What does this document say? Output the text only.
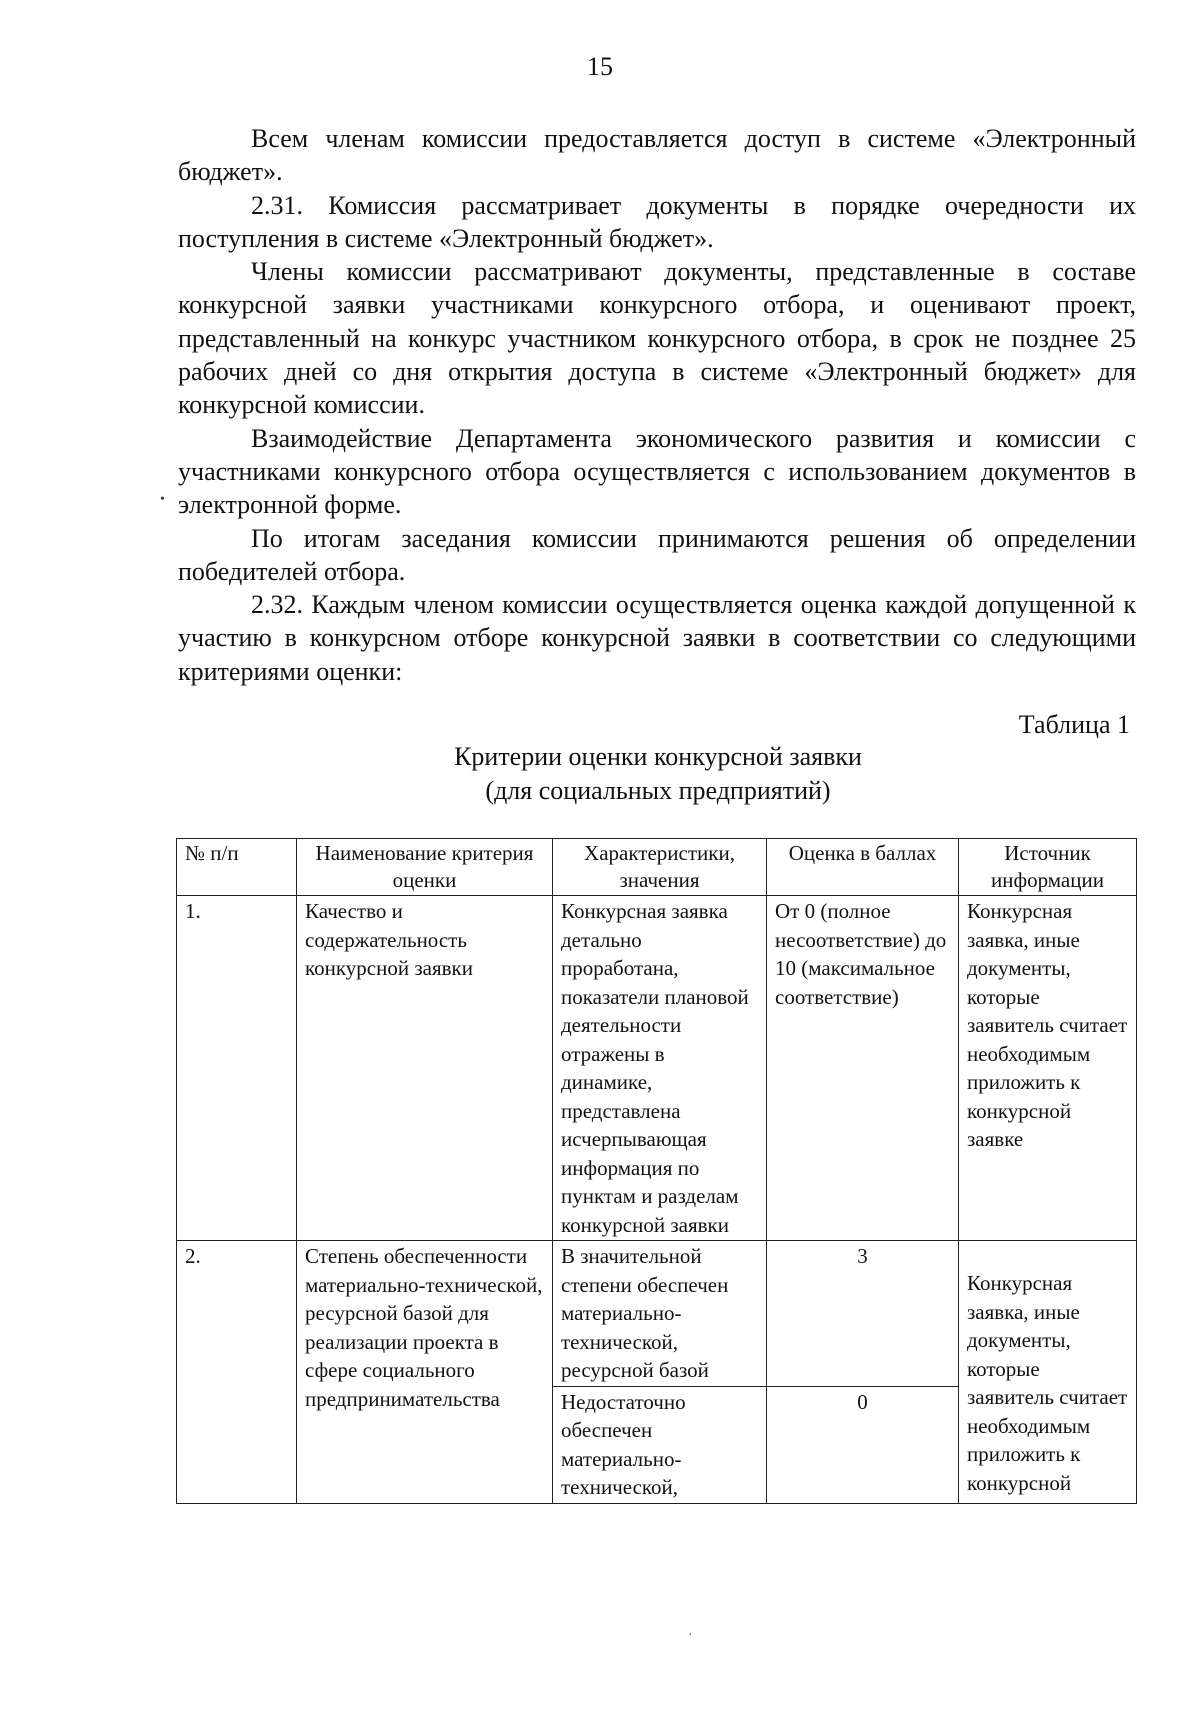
15

Всем членам комиссии предоставляется доступ в системе «Электронный бюджет».

2.31. Комиссия рассматривает документы в порядке очередности их поступления в системе «Электронный бюджет».

Члены комиссии рассматривают документы, представленные в составе конкурсной заявки участниками конкурсного отбора, и оценивают проект, представленный на конкурс участником конкурсного отбора, в срок не позднее 25 рабочих дней со дня открытия доступа в системе «Электронный бюджет» для конкурсной комиссии.

Взаимодействие Департамента экономического развития и комиссии с участниками конкурсного отбора осуществляется с использованием документов в электронной форме.

По итогам заседания комиссии принимаются решения об определении победителей отбора.

2.32. Каждым членом комиссии осуществляется оценка каждой допущенной к участию в конкурсном отборе конкурсной заявки в соответствии со следующими критериями оценки:

Таблица 1
Критерии оценки конкурсной заявки
(для социальных предприятий)
№ п/п	Наименование критерия оценки	Характеристики, значения	Оценка в баллах	Источник информации
1.	Качество и содержательность конкурсной заявки	Конкурсная заявка детально проработана, показатели плановой деятельности отражены в динамике, представлена исчерпывающая информация по пунктам и разделам конкурсной заявки	От 0 (полное несоответствие) до 10 (максимальное соответствие)	Конкурсная заявка, иные документы, которые заявитель считает необходимым приложить к конкурсной заявке
2.	Степень обеспеченности материально-технической, ресурсной базой для реализации проекта в сфере социального предпринимательства	В значительной степени обеспечен материально-технической, ресурсной базой	3	Конкурсная заявка, иные документы, которые заявитель считает необходимым приложить к конкурсной
		Недостаточно обеспечен материально-технической,	0	
•
·
